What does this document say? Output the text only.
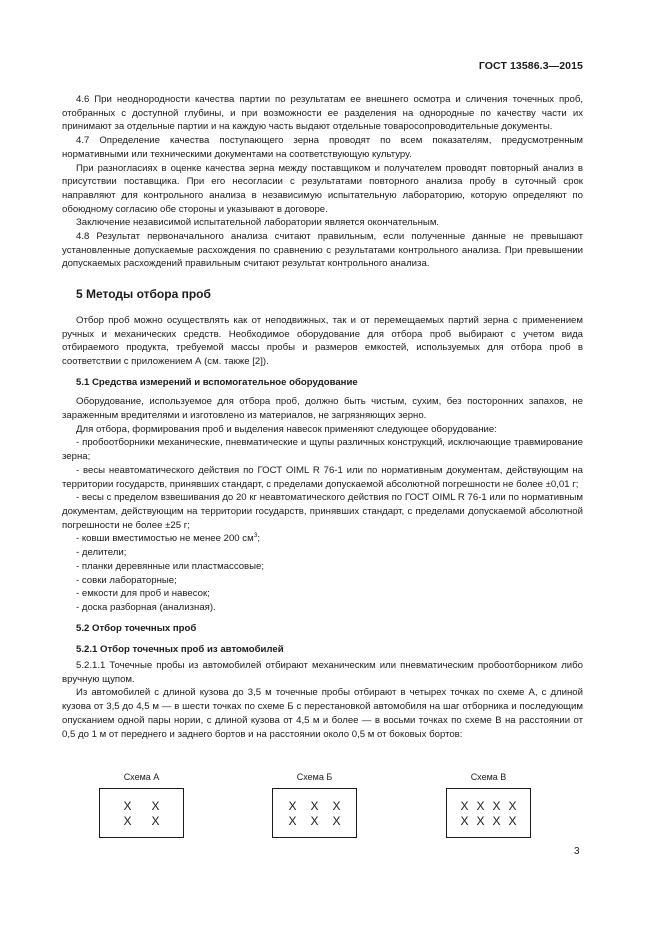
ГОСТ 13586.3—2015

4.6 При неоднородности качества партии по результатам ее внешнего осмотра и сличения точечных проб, отобранных с доступной глубины, и при возможности ее разделения на однородные по качеству части их принимают за отдельные партии и на каждую часть выдают отдельные товаросопроводительные документы.

4.7 Определение качества поступающего зерна проводят по всем показателям, предусмотренным нормативными или техническими документами на соответствующую культуру.

При разногласиях в оценке качества зерна между поставщиком и получателем проводят повторный анализ в присутствии поставщика. При его несогласии с результатами повторного анализа пробу в суточный срок направляют для контрольного анализа в независимую испытательную лабораторию, которую определяют по обоюдному согласию обе стороны и указывают в договоре.

Заключение независимой испытательной лаборатории является окончательным.

4.8 Результат первоначального анализа считают правильным, если полученные данные не превышают установленные допускаемые расхождения по сравнению с результатами контрольного анализа. При превышении допускаемых расхождений правильным считают результат контрольного анализа.

5 Методы отбора проб

Отбор проб можно осуществлять как от неподвижных, так и от перемещаемых партий зерна с применением ручных и механических средств. Необходимое оборудование для отбора проб выбирают с учетом вида отбираемого продукта, требуемой массы пробы и размеров емкостей, используемых для отбора проб в соответствии с приложением А (см. также [2]).

5.1 Средства измерений и вспомогательное оборудование

Оборудование, используемое для отбора проб, должно быть чистым, сухим, без посторонних запахов, не зараженным вредителями и изготовлено из материалов, не загрязняющих зерно.

Для отбора, формирования проб и выделения навесок применяют следующее оборудование:

- пробоотборники механические, пневматические и щупы различных конструкций, исключающие травмирование зерна;

- весы неавтоматического действия по ГОСТ OIML R 76-1 или по нормативным документам, действующим на территории государств, принявших стандарт, с пределами допускаемой абсолютной погрешности не более ±0,01 г;

- весы с пределом взвешивания до 20 кг неавтоматического действия по ГОСТ OIML R 76-1 или по нормативным документам, действующим на территории государств, принявших стандарт, с пределами допускаемой абсолютной погрешности не более ±25 г;

- ковши вместимостью не менее 200 $см^3$;

- делители;

- планки деревянные или пластмассовые;

- совки лабораторные;

- емкости для проб и навесок;

- доска разборная (анализная).

5.2 Отбор точечных проб
5.2.1 Отбор точечных проб из автомобилей

5.2.1.1 Точечные пробы из автомобилей отбирают механическим или пневматическим пробоотборником либо вручную щупом.

Из автомобилей с длиной кузова до 3,5 м точечные пробы отбирают в четырех точках по схеме А, с длиной кузова от 3,5 до 4,5 м — в шести точках по схеме Б с перестановкой автомобиля на шаг отборника и последующим опусканием одной пары нории, с длиной кузова от 4,5 м и более — в восьми точках по схеме В на расстоянии от 0,5 до 1 м от переднего и заднего бортов и на расстоянии около 0,5 м от боковых бортов:

Схема А
X	X
X	X
Схема Б
X	X	X
X	X	X
Схема В
X X X X
X X X X
3
